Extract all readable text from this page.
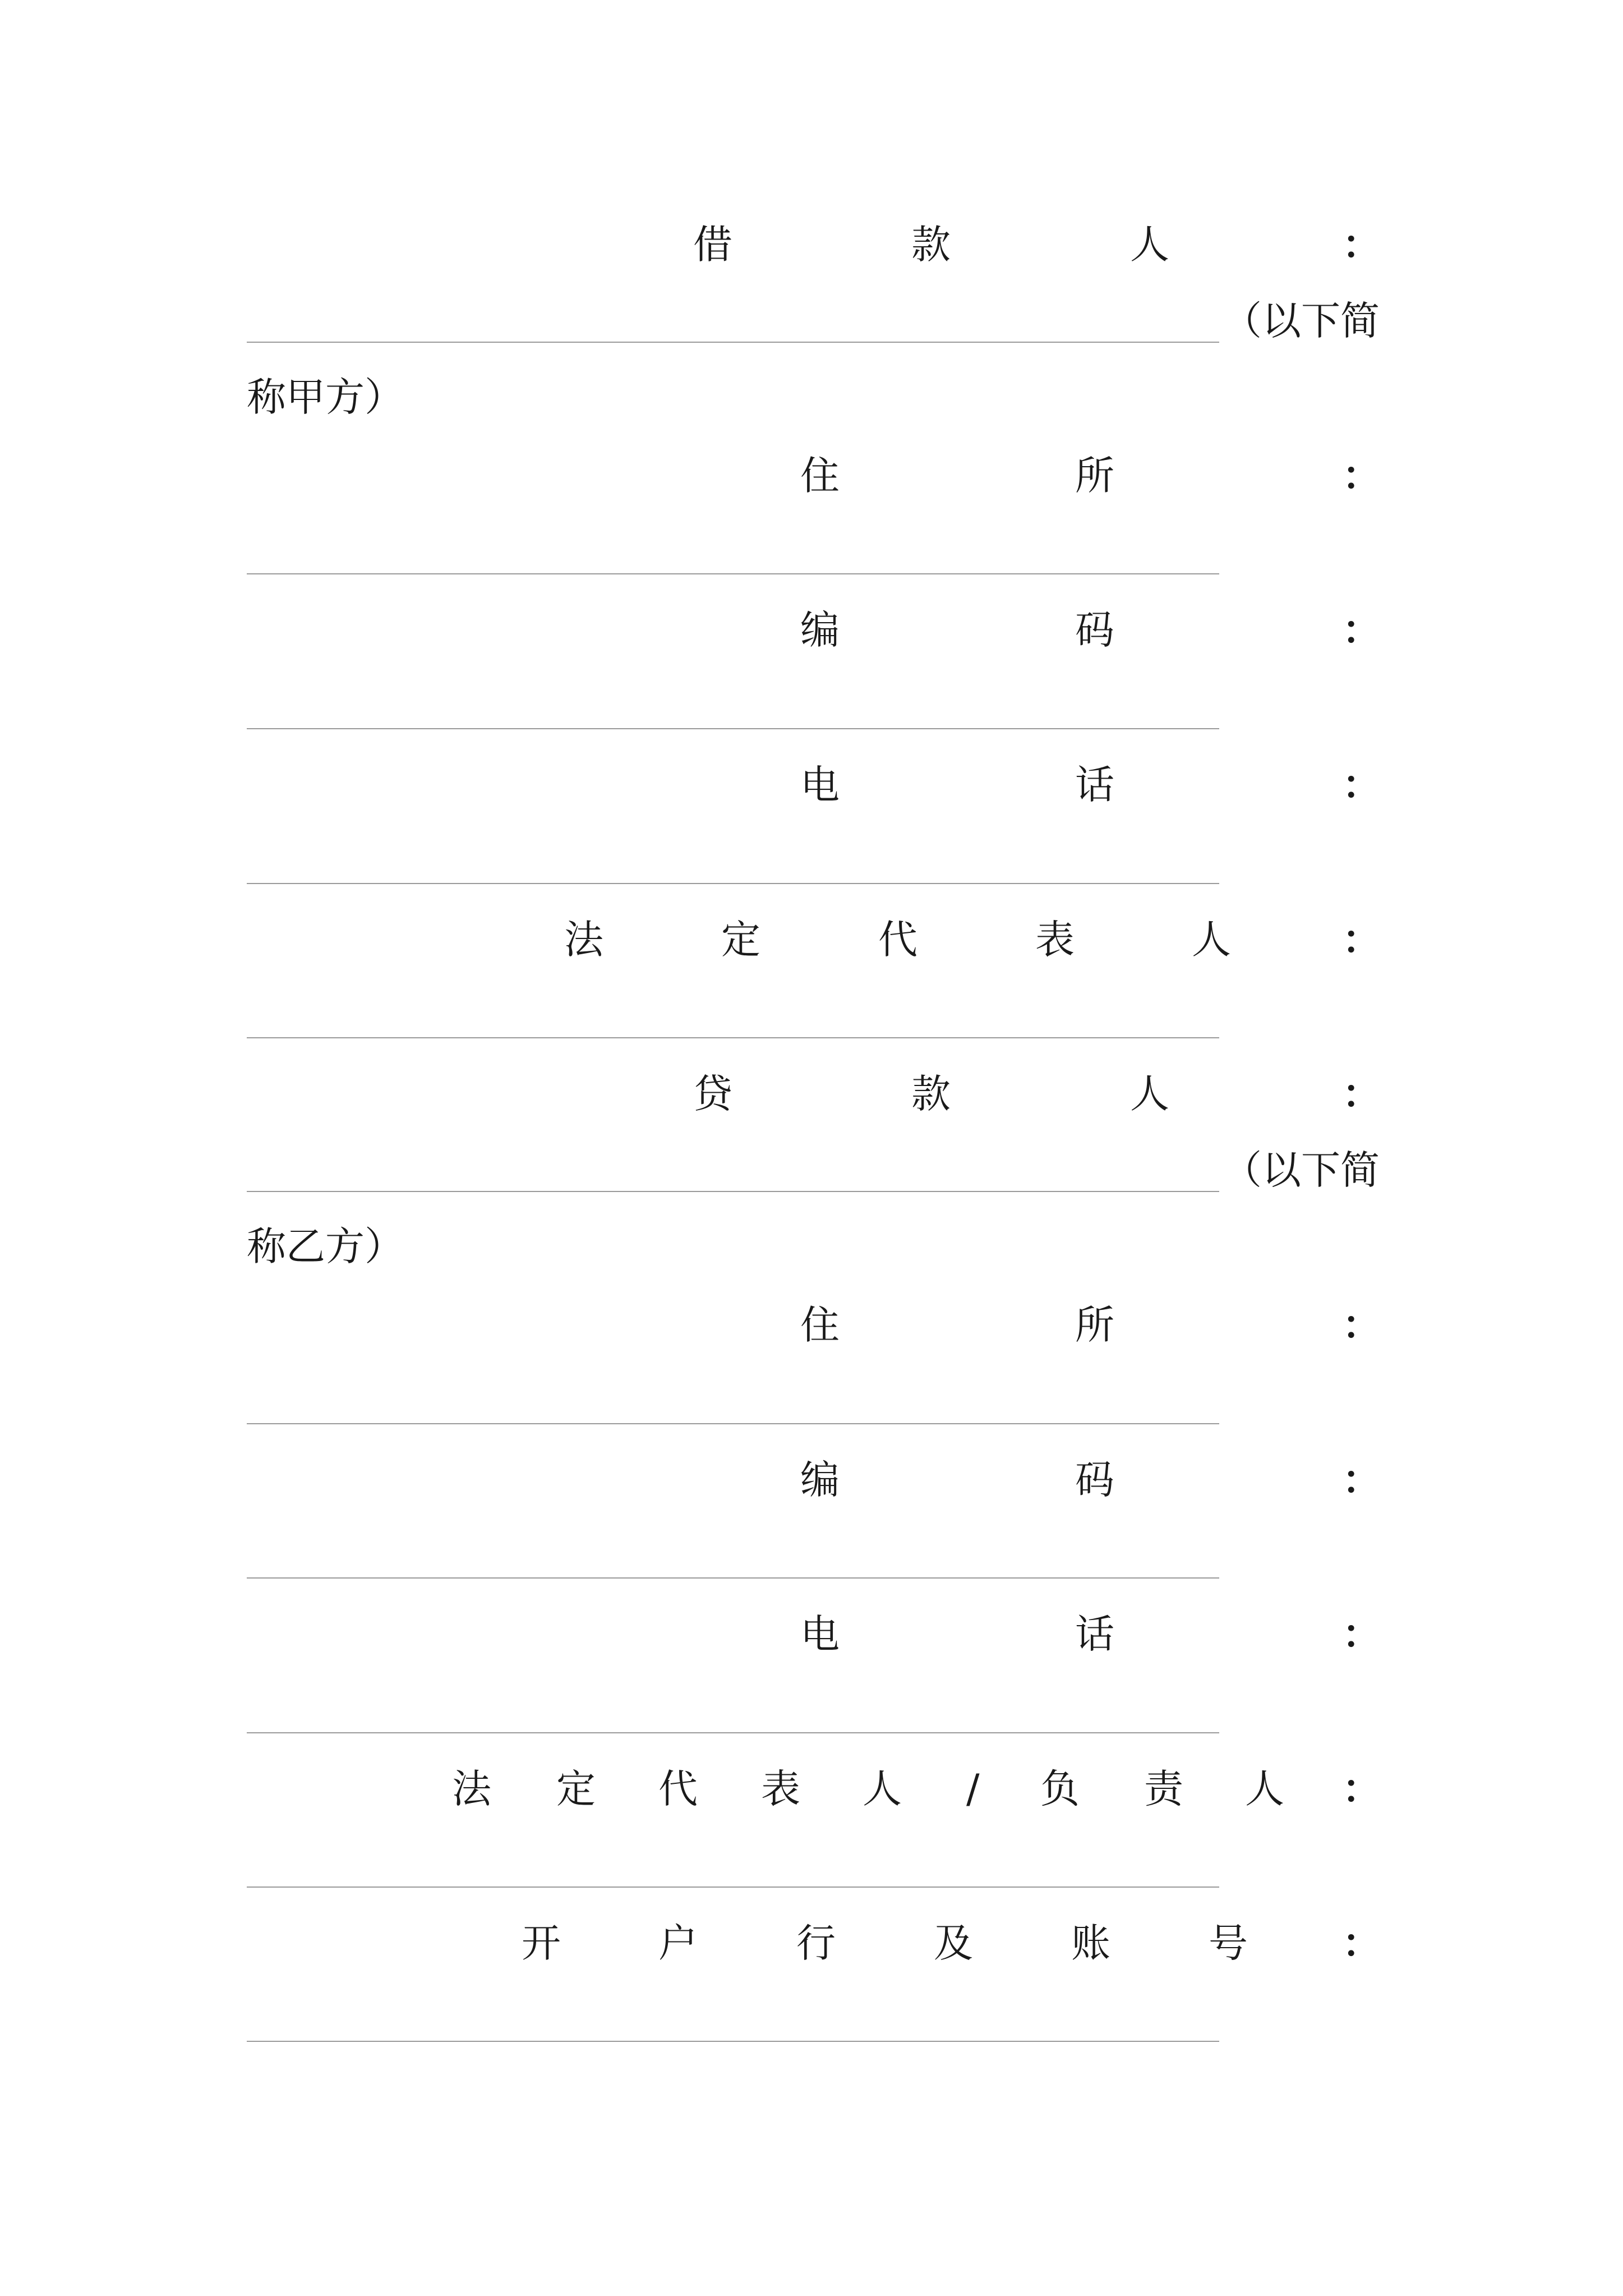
借	款	人	：
（以下简
称甲方）
住	所	：
编	码	：
电	话	：
法	定	代	表	人	：
贷	款	人	：
（以下简
称乙方）
住	所	：
编	码	：
电	话	：
法 定 代 表 人 / 负 责 人 ：
开 户	行	及	账	号 ：
